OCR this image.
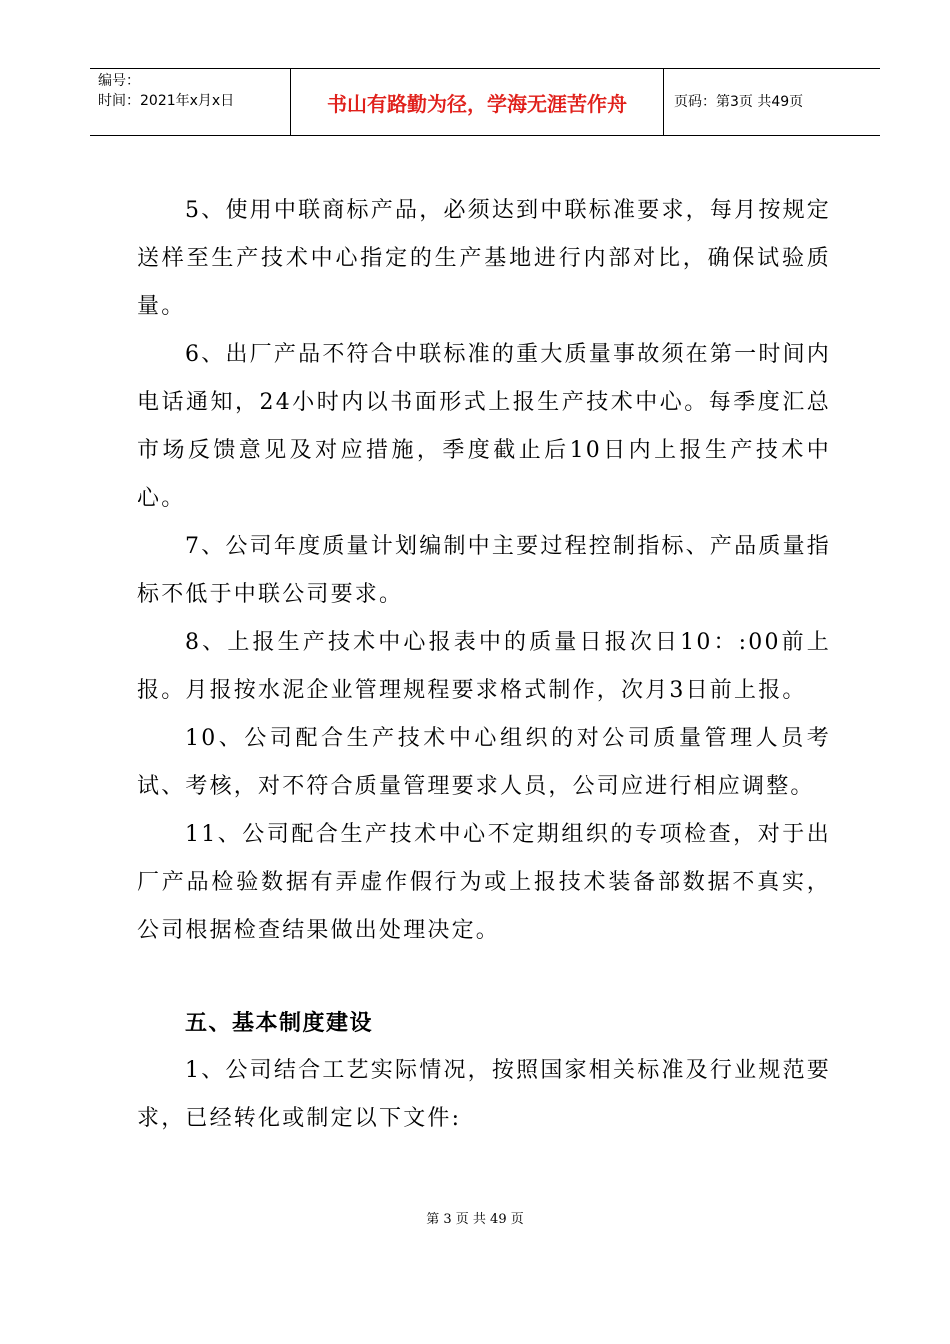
编号：
时间：2021年x月x日	书山有路勤为径，学海无涯苦作舟	页码：第3页 共49页

5、使用中联商标产品，必须达到中联标准要求，每月按规定送样至生产技术中心指定的生产基地进行内部对比，确保试验质量。

6、出厂产品不符合中联标准的重大质量事故须在第一时间内电话通知，24小时内以书面形式上报生产技术中心。每季度汇总市场反馈意见及对应措施，季度截止后10日内上报生产技术中心。

7、公司年度质量计划编制中主要过程控制指标、产品质量指标不低于中联公司要求。

8、上报生产技术中心报表中的质量日报次日10：:00前上报。月报按水泥企业管理规程要求格式制作，次月3日前上报。

10、公司配合生产技术中心组织的对公司质量管理人员考试、考核，对不符合质量管理要求人员，公司应进行相应调整。

11、公司配合生产技术中心不定期组织的专项检查，对于出厂产品检验数据有弄虚作假行为或上报技术装备部数据不真实，公司根据检查结果做出处理决定。

五、基本制度建设

1、公司结合工艺实际情况，按照国家相关标准及行业规范要求，已经转化或制定以下文件:

第 3 页 共 49 页
